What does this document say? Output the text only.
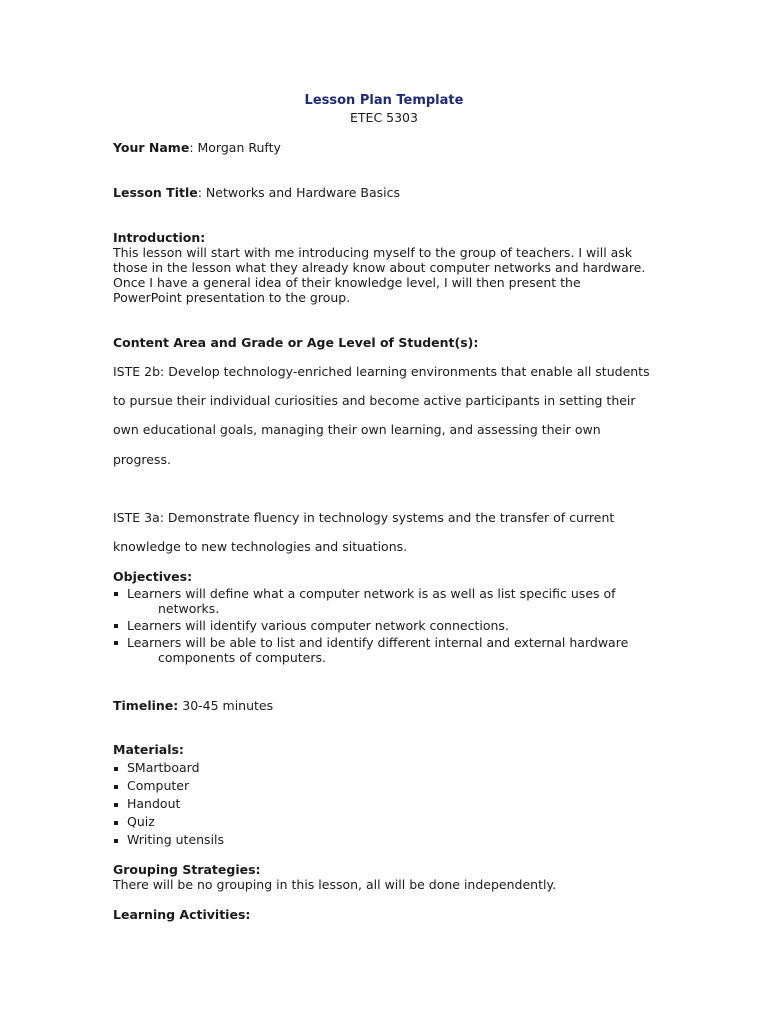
Lesson Plan Template
ETEC 5303
Your Name: Morgan Rufty
Lesson Title: Networks and Hardware Basics
Introduction:
This lesson will start with me introducing myself to the group of teachers. I will ask
those in the lesson what they already know about computer networks and hardware.
Once I have a general idea of their knowledge level, I will then present the
PowerPoint presentation to the group.
Content Area and Grade or Age Level of Student(s):
ISTE 2b: Develop technology-enriched learning environments that enable all students
to pursue their individual curiosities and become active participants in setting their
own educational goals, managing their own learning, and assessing their own
progress.
ISTE 3a: Demonstrate fluency in technology systems and the transfer of current
knowledge to new technologies and situations.
Objectives:
Learners will define what a computer network is as well as list specific uses of
networks.
Learners will identify various computer network connections.
Learners will be able to list and identify different internal and external hardware
components of computers.
Timeline: 30-45 minutes
Materials:
SMartboard
Computer
Handout
Quiz
Writing utensils
Grouping Strategies:
There will be no grouping in this lesson, all will be done independently.
Learning Activities:
